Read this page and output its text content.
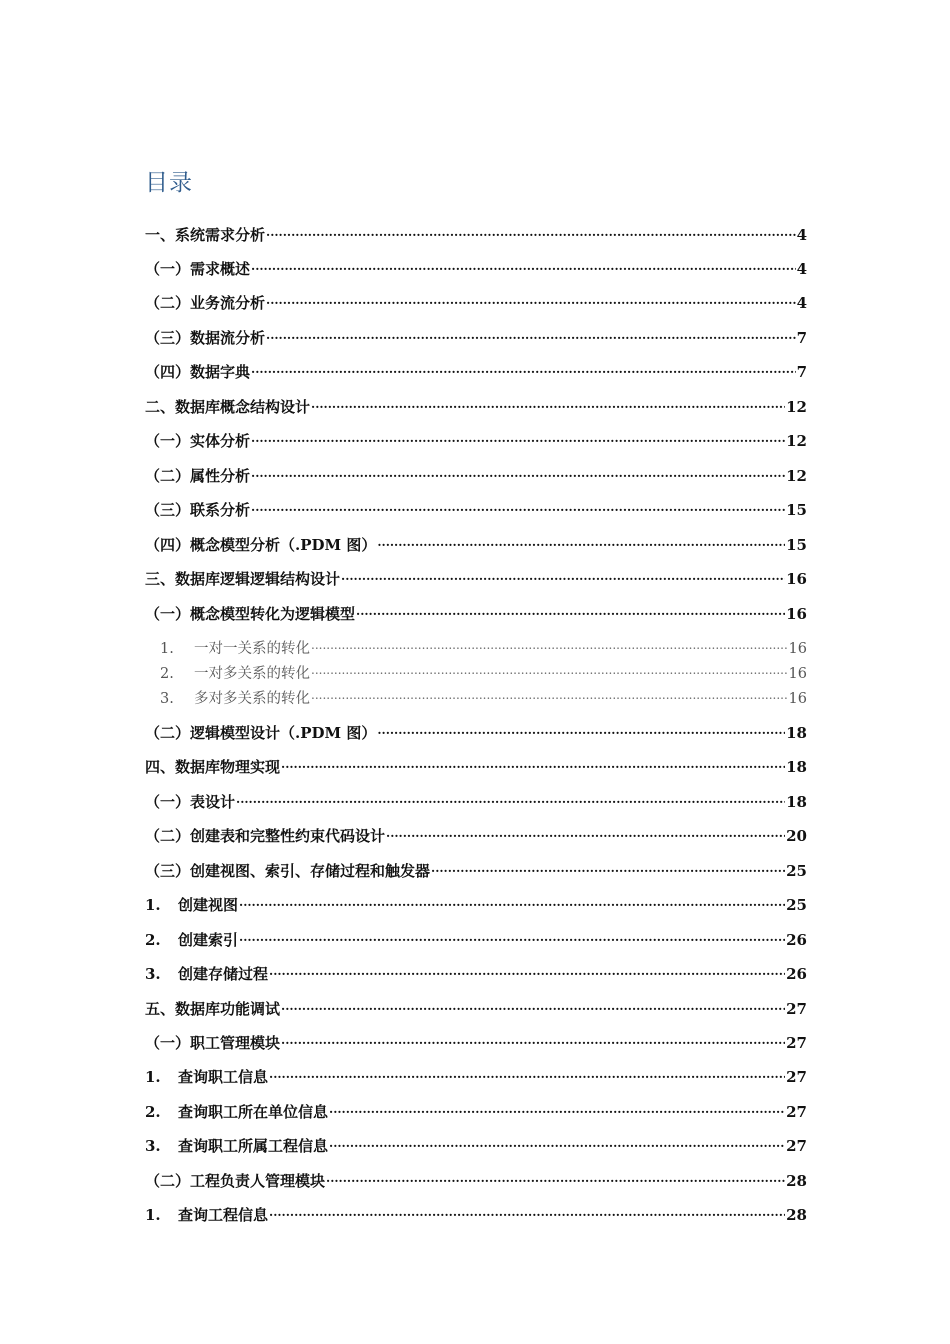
目录
一、系统需求分析 .....	4
（一）需求概述 .....	4
（二）业务流分析 .....	4
（三）数据流分析 .....	7
（四）数据字典 .....	7
二、数据库概念结构设计 .....	12
（一）实体分析 .....	12
（二）属性分析 .....	12
（三）联系分析 .....	15
（四）概念模型分析（.PDM 图） .....	15
三、数据库逻辑逻辑结构设计 .....	16
（一）概念模型转化为逻辑模型 .....	16
1.	一对一关系的转化 .....	16
2.	一对多关系的转化 .....	16
3.	多对多关系的转化 .....	16
（二）逻辑模型设计（.PDM 图） .....	18
四、数据库物理实现 .....	18
（一）表设计 .....	18
（二）创建表和完整性约束代码设计 .....	20
（三）创建视图、索引、存储过程和触发器 .....	25
1.	创建视图 .....	25
2.	创建索引 .....	26
3.	创建存储过程 .....	26
五、数据库功能调试 .....	27
（一）职工管理模块 .....	27
1.	查询职工信息 .....	27
2.	查询职工所在单位信息 .....	27
3.	查询职工所属工程信息 .....	27
（二）工程负责人管理模块 .....	28
1.	查询工程信息 .....	28
